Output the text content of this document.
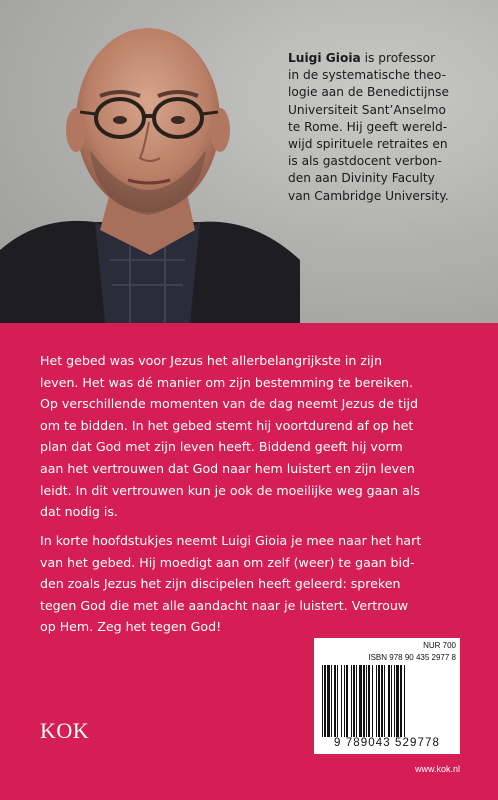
Luigi Gioia is professor
in de systematische theo-
logie aan de Benedictijnse
Universiteit Sant’Anselmo
te Rome. Hij geeft wereld-
wijd spirituele retraites en
is als gastdocent verbon-
den aan Divinity Faculty
van Cambridge University.
Het gebed was voor Jezus het allerbelangrijkste in zijn
leven. Het was dé manier om zijn bestemming te bereiken.
Op verschillende momenten van de dag neemt Jezus de tijd
om te bidden. In het gebed stemt hij voortdurend af op het
plan dat God met zijn leven heeft. Biddend geeft hij vorm
aan het vertrouwen dat God naar hem luistert en zijn leven
leidt. In dit vertrouwen kun je ook de moeilijke weg gaan als
dat nodig is.
In korte hoofdstukjes neemt Luigi Gioia je mee naar het hart
van het gebed. Hij moedigt aan om zelf (weer) te gaan bid-
den zoals Jezus het zijn discipelen heeft geleerd: spreken
tegen God die met alle aandacht naar je luistert. Vertrouw
op Hem. Zeg het tegen God!
KOK
NUR 700
ISBN 978 90 435 2977 8
9 789043 529778
www.kok.nl
